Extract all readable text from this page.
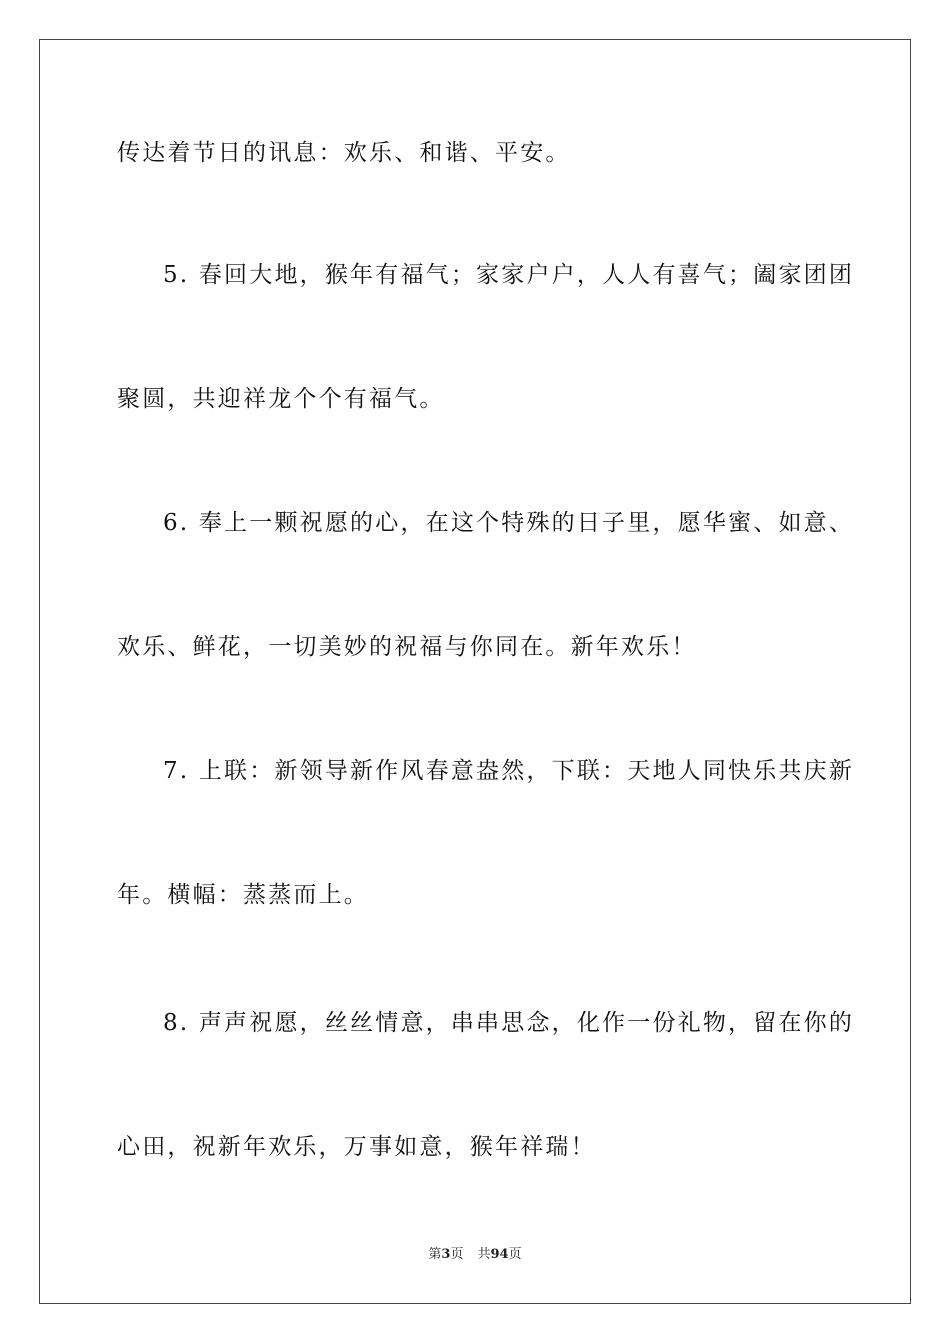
传达着节日的讯息：欢乐、和谐、平安。
5. 春回大地，猴年有福气；家家户户，人人有喜气；阖家团团
聚圆，共迎祥龙个个有福气。
6. 奉上一颗祝愿的心，在这个特殊的日子里，愿华蜜、如意、
欢乐、鲜花，一切美妙的祝福与你同在。新年欢乐！
7. 上联：新领导新作风春意盎然，下联：天地人同快乐共庆新
年。横幅：蒸蒸而上。
8. 声声祝愿，丝丝情意，串串思念，化作一份礼物，留在你的
心田，祝新年欢乐，万事如意，猴年祥瑞！
第3页 共94页
